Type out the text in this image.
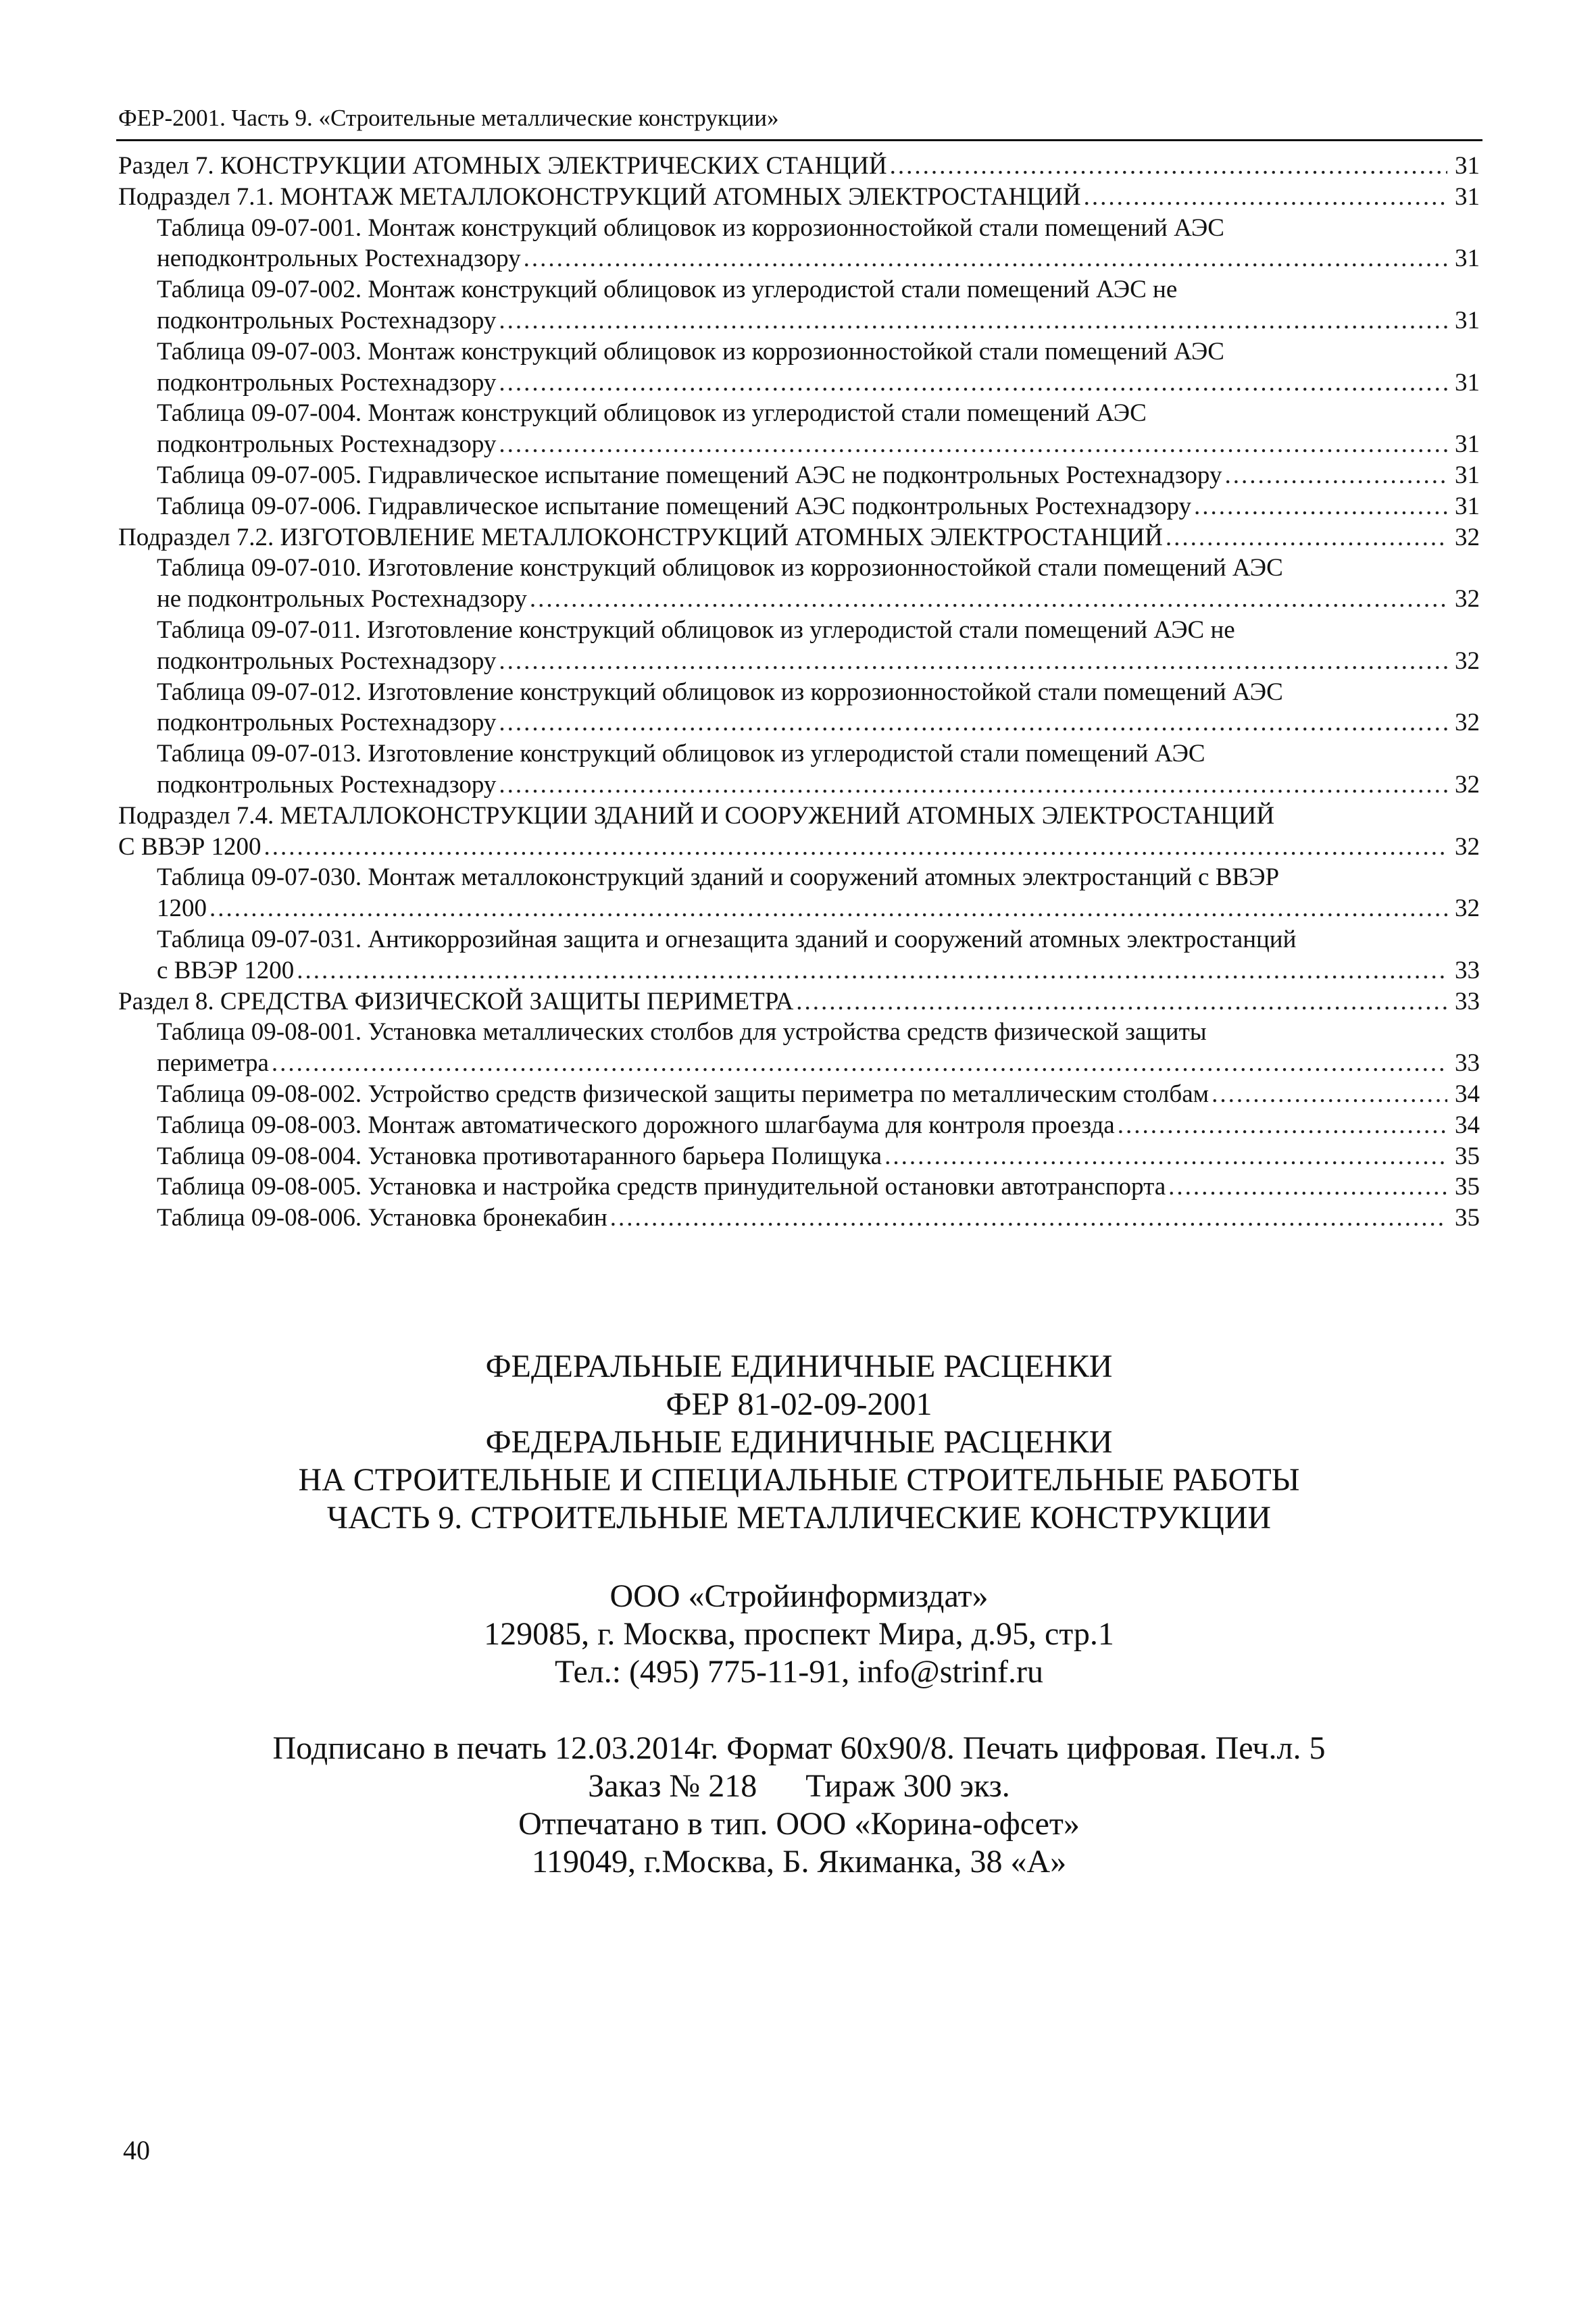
ФЕР-2001. Часть 9. «Строительные металлические конструкции»
Раздел 7. КОНСТРУКЦИИ АТОМНЫХ ЭЛЕКТРИЧЕСКИХ СТАНЦИЙ .....	31
Подраздел 7.1. МОНТАЖ МЕТАЛЛОКОНСТРУКЦИЙ АТОМНЫХ ЭЛЕКТРОСТАНЦИЙ .....	31
Таблица 09-07-001. Монтаж конструкций облицовок из коррозионностойкой стали помещений АЭС
неподконтрольных Ростехнадзору .....	31
Таблица 09-07-002. Монтаж конструкций облицовок из углеродистой стали помещений АЭС не
подконтрольных Ростехнадзору .....	31
Таблица 09-07-003. Монтаж конструкций облицовок из коррозионностойкой стали помещений АЭС
подконтрольных Ростехнадзору .....	31
Таблица 09-07-004. Монтаж конструкций облицовок из углеродистой стали помещений АЭС
подконтрольных Ростехнадзору .....	31
Таблица 09-07-005. Гидравлическое испытание помещений АЭС не подконтрольных Ростехнадзору .....	31
Таблица 09-07-006. Гидравлическое испытание помещений АЭС подконтрольных Ростехнадзору .....	31
Подраздел 7.2. ИЗГОТОВЛЕНИЕ МЕТАЛЛОКОНСТРУКЦИЙ АТОМНЫХ ЭЛЕКТРОСТАНЦИЙ .....	32
Таблица 09-07-010. Изготовление конструкций облицовок из коррозионностойкой стали помещений АЭС
не подконтрольных Ростехнадзору .....	32
Таблица 09-07-011. Изготовление конструкций облицовок из углеродистой стали помещений АЭС не
подконтрольных Ростехнадзору .....	32
Таблица 09-07-012. Изготовление конструкций облицовок из коррозионностойкой стали помещений АЭС
подконтрольных Ростехнадзору .....	32
Таблица 09-07-013. Изготовление конструкций облицовок из углеродистой стали помещений АЭС
подконтрольных Ростехнадзору .....	32
Подраздел 7.4. МЕТАЛЛОКОНСТРУКЦИИ ЗДАНИЙ И СООРУЖЕНИЙ АТОМНЫХ ЭЛЕКТРОСТАНЦИЙ
С ВВЭР 1200 .....	32
Таблица 09-07-030. Монтаж металлоконструкций зданий и сооружений атомных электростанций с ВВЭР
1200 .....	32
Таблица 09-07-031. Антикоррозийная защита и огнезащита зданий и сооружений атомных электростанций
с ВВЭР 1200 .....	33
Раздел 8. СРЕДСТВА ФИЗИЧЕСКОЙ ЗАЩИТЫ ПЕРИМЕТРА .....	33
Таблица 09-08-001. Установка металлических столбов для устройства средств физической защиты
периметра .....	33
Таблица 09-08-002. Устройство средств физической защиты периметра по металлическим столбам .....	34
Таблица 09-08-003. Монтаж автоматического дорожного шлагбаума для контроля проезда .....	34
Таблица 09-08-004. Установка противотаранного барьера Полищука .....	35
Таблица 09-08-005. Установка и настройка средств принудительной остановки автотранспорта .....	35
Таблица 09-08-006. Установка бронекабин .....	35
ФЕДЕРАЛЬНЫЕ ЕДИНИЧНЫЕ РАСЦЕНКИ
ФЕР 81-02-09-2001
ФЕДЕРАЛЬНЫЕ ЕДИНИЧНЫЕ РАСЦЕНКИ
НА СТРОИТЕЛЬНЫЕ И СПЕЦИАЛЬНЫЕ СТРОИТЕЛЬНЫЕ РАБОТЫ
ЧАСТЬ 9. СТРОИТЕЛЬНЫЕ МЕТАЛЛИЧЕСКИЕ КОНСТРУКЦИИ
ООО «Стройинформиздат»
129085, г. Москва, проспект Мира, д.95, стр.1
Тел.: (495) 775-11-91, info@strinf.ru
Подписано в печать 12.03.2014г. Формат 60х90/8. Печать цифровая. Печ.л. 5
Заказ № 218      Тираж 300 экз.
Отпечатано в тип. ООО «Корина-офсет»
119049, г.Москва, Б. Якиманка, 38 «А»
40
